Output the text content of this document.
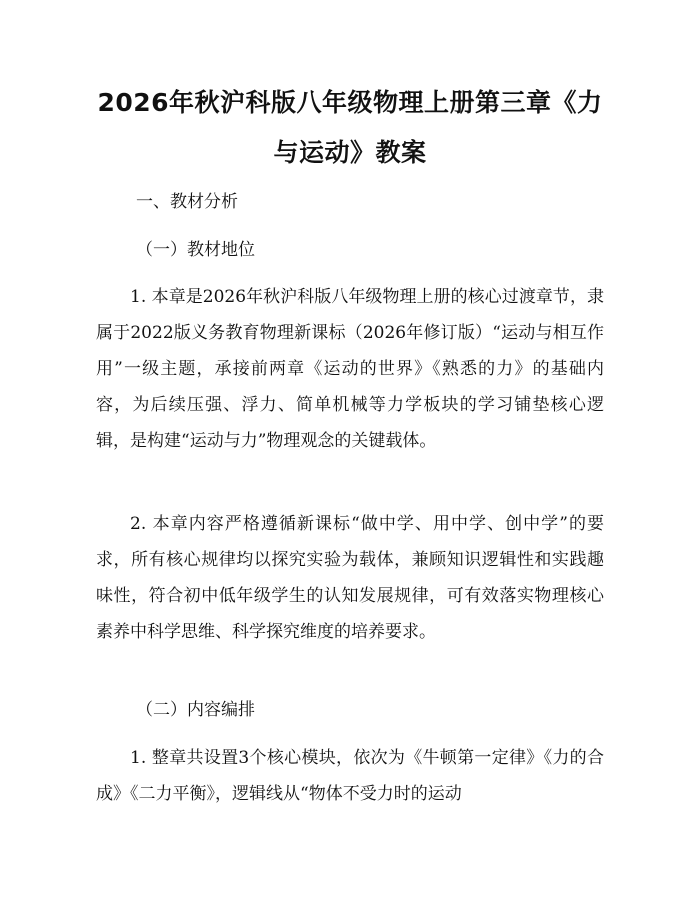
2026年秋沪科版八年级物理上册第三章《力与运动》教案

一、教材分析

（一）教材地位

1. 本章是2026年秋沪科版八年级物理上册的核心过渡章节，隶属于2022版义务教育物理新课标（2026年修订版）“运动与相互作用”一级主题，承接前两章《运动的世界》《熟悉的力》的基础内容，为后续压强、浮力、简单机械等力学板块的学习铺垫核心逻辑，是构建“运动与力”物理观念的关键载体。

2. 本章内容严格遵循新课标“做中学、用中学、创中学”的要求，所有核心规律均以探究实验为载体，兼顾知识逻辑性和实践趣味性，符合初中低年级学生的认知发展规律，可有效落实物理核心素养中科学思维、科学探究维度的培养要求。

（二）内容编排

1. 整章共设置3个核心模块，依次为《牛顿第一定律》《力的合成》《二力平衡》，逻辑线从“物体不受力时的运动
